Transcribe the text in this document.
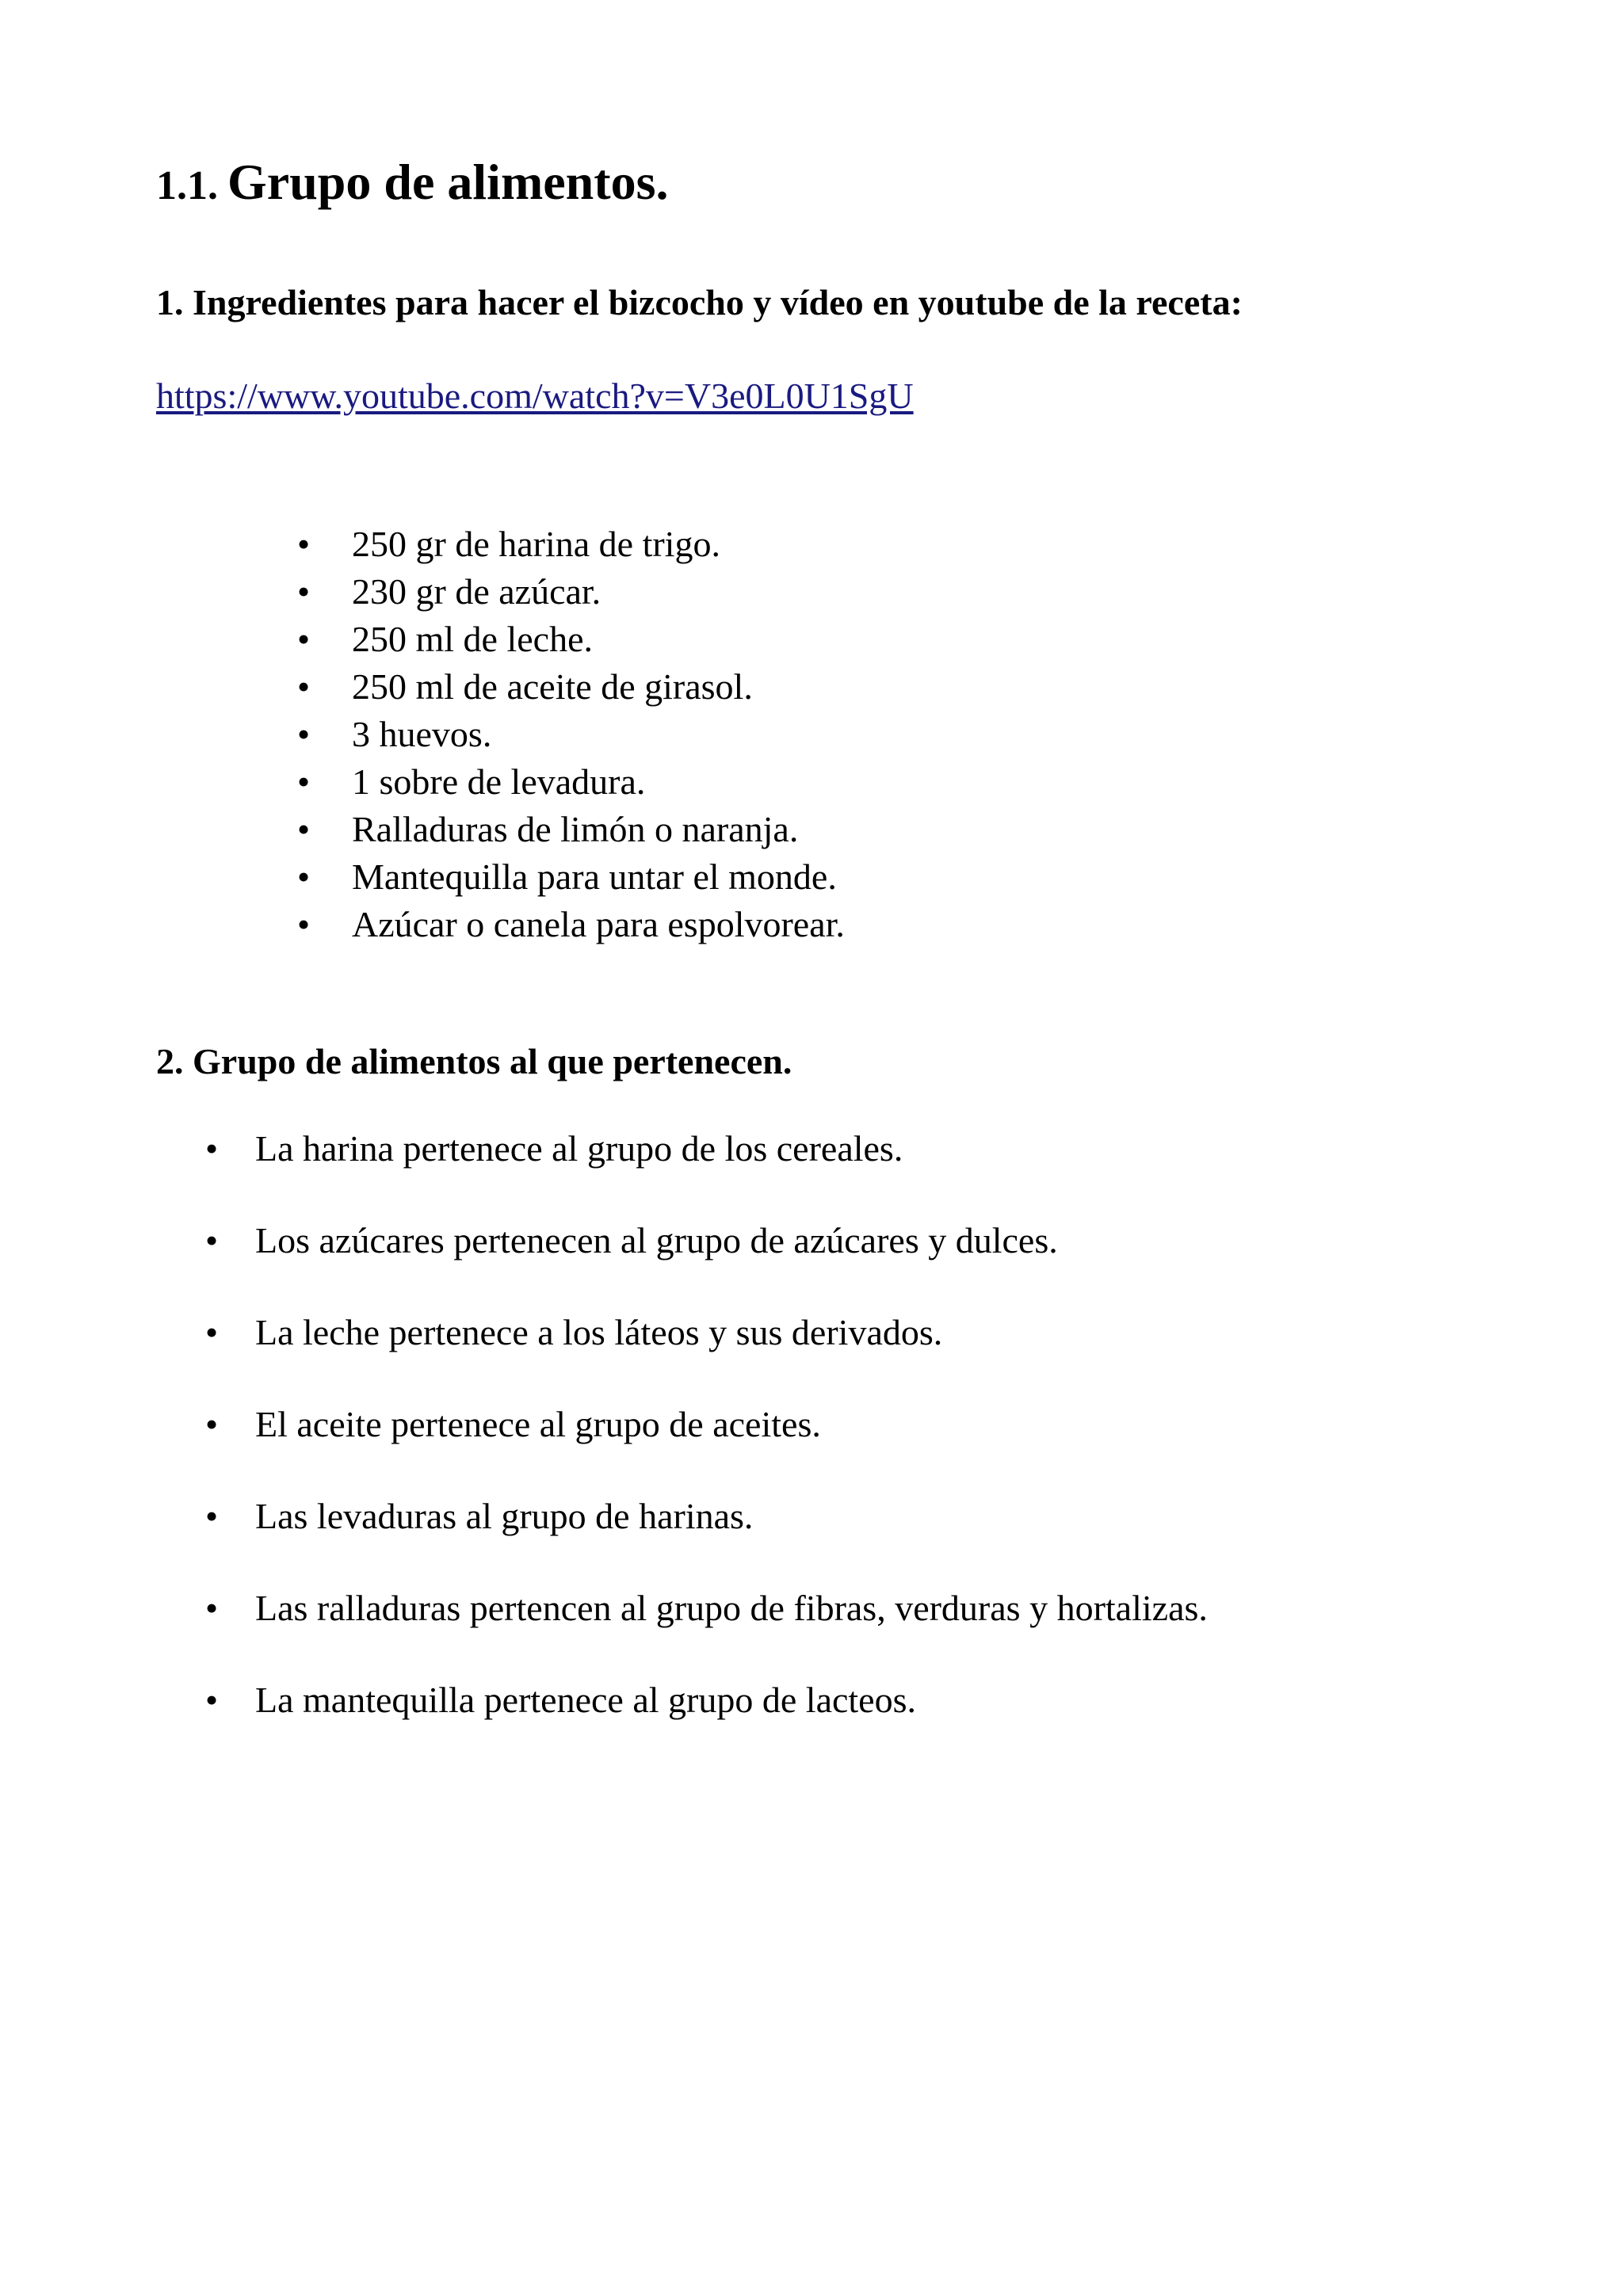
1.1. Grupo de alimentos.
1. Ingredientes para hacer el bizcocho y vídeo en youtube de la receta:
https://www.youtube.com/watch?v=V3e0L0U1SgU
• 250 gr de harina de trigo.
• 230 gr de azúcar.
• 250 ml de leche.
• 250 ml de aceite de girasol.
• 3 huevos.
• 1 sobre de levadura.
• Ralladuras de limón o naranja.
• Mantequilla para untar el monde.
• Azúcar o canela para espolvorear.
2. Grupo de alimentos al que pertenecen.
• La harina pertenece al grupo de los cereales.
• Los azúcares pertenecen al grupo de azúcares y dulces.
• La leche pertenece a los láteos y sus derivados.
• El aceite pertenece al grupo de aceites.
• Las levaduras al grupo de harinas.
• Las ralladuras pertencen al grupo de fibras, verduras y hortalizas.
• La mantequilla pertenece al grupo de lacteos.
